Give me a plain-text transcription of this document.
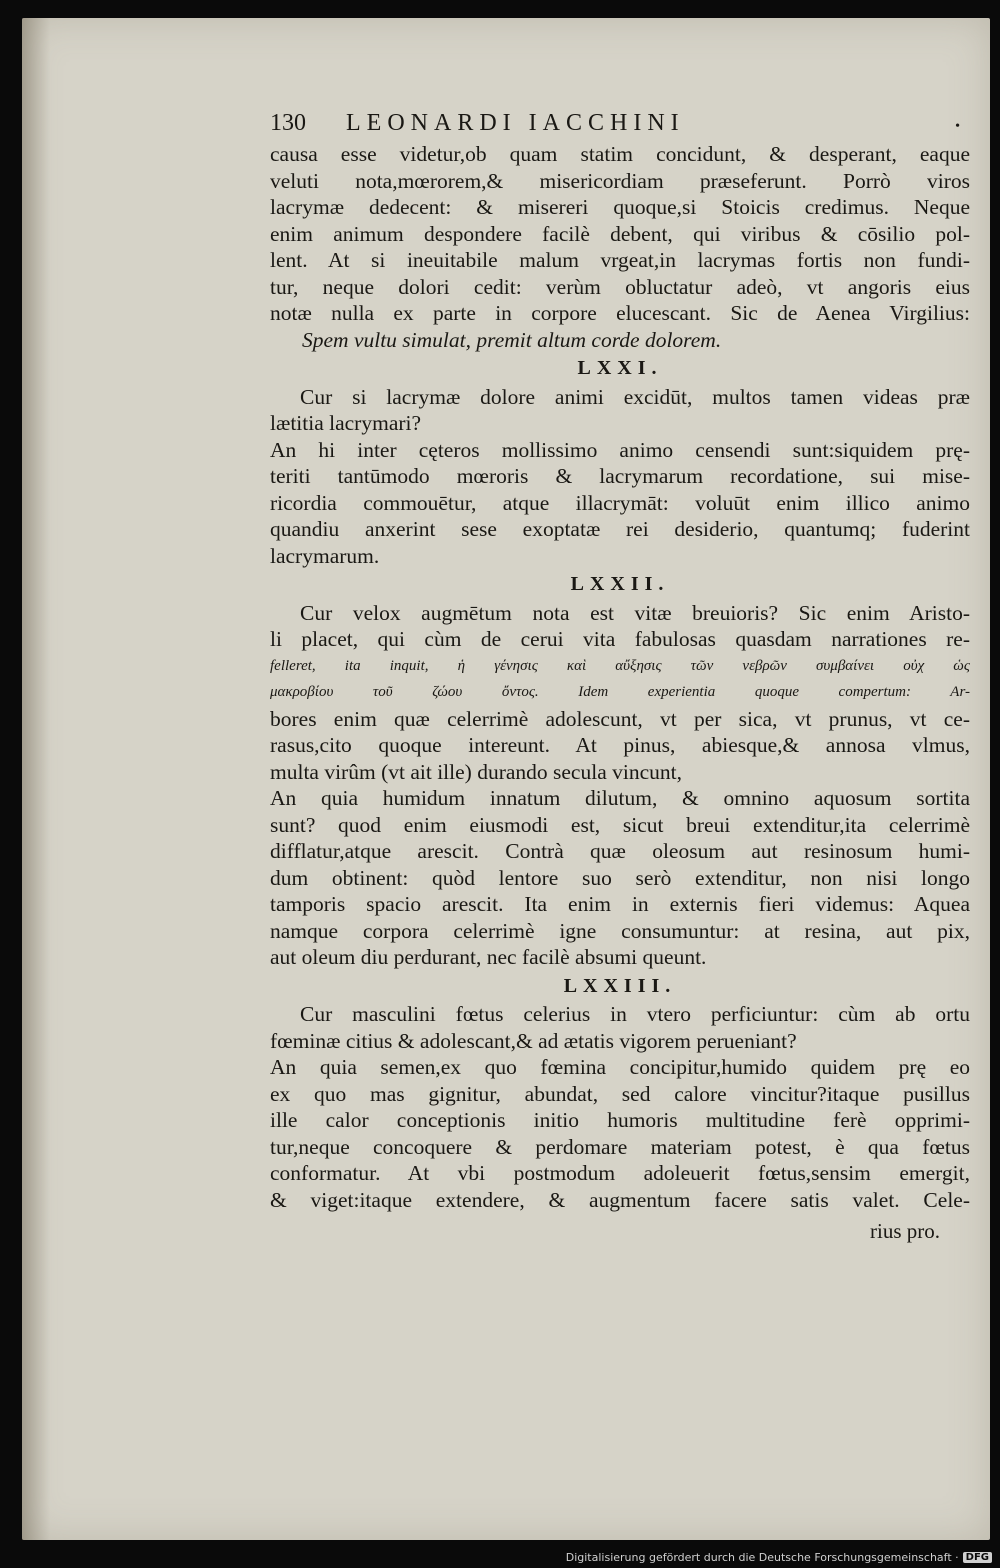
130 LEONARDI IACCHINI	•
causa esse videtur,ob quam statim concidunt, & desperant, eaque
veluti nota,mœrorem,& misericordiam præseferunt. Porrò viros
lacrymæ dedecent: & misereri quoque,si Stoicis credimus. Neque
enim animum despondere facilè debent, qui viribus & cōsilio pol-
lent. At si ineuitabile malum vrgeat,in lacrymas fortis non fundi-
tur, neque dolori cedit: verùm obluctatur adeò, vt angoris eius
notæ nulla ex parte in corpore elucescant. Sic de Aenea Virgilius:
Spem vultu simulat, premit altum corde dolorem.
LXXI.
Cur si lacrymæ dolore animi excidūt, multos tamen videas præ
lætitia lacrymari?
An hi inter cęteros mollissimo animo censendi sunt:siquidem prę-
teriti tantūmodo mœroris & lacrymarum recordatione, sui mise-
ricordia commouētur, atque illacrymāt: voluūt enim illico animo
quandiu anxerint sese exoptatæ rei desiderio, quantumq; fuderint
lacrymarum.
LXXII.
Cur velox augmētum nota est vitæ breuioris? Sic enim Aristo-
li placet, qui cùm de cerui vita fabulosas quasdam narrationes re-
felleret, ita inquit, ἡ γένησις καὶ αὔξησις τῶν νεβρῶν συμβαίνει οὐχ ὡς
μακροβίου τοῦ ζώου ὄντος. Idem experientia quoque compertum: Ar-
bores enim quæ celerrimè adolescunt, vt per sica, vt prunus, vt ce-
rasus,cito quoque intereunt. At pinus, abiesque,& annosa vlmus,
multa virûm (vt ait ille) durando secula vincunt,
An quia humidum innatum dilutum, & omnino aquosum sortita
sunt? quod enim eiusmodi est, sicut breui extenditur,ita celerrimè
difflatur,atque arescit. Contrà quæ oleosum aut resinosum humi-
dum obtinent: quòd lentore suo serò extenditur, non nisi longo
tamporis spacio arescit. Ita enim in externis fieri videmus: Aquea
namque corpora celerrimè igne consumuntur: at resina, aut pix,
aut oleum diu perdurant, nec facilè absumi queunt.
LXXIII.
Cur masculini fœtus celerius in vtero perficiuntur: cùm ab ortu
fœminæ citius & adolescant,& ad ætatis vigorem perueniant?
An quia semen,ex quo fœmina concipitur,humido quidem prę eo
ex quo mas gignitur, abundat, sed calore vincitur?itaque pusillus
ille calor conceptionis initio humoris multitudine ferè opprimi-
tur,neque concoquere & perdomare materiam potest, è qua fœtus
conformatur. At vbi postmodum adoleuerit fœtus,sensim emergit,
& viget:itaque extendere, & augmentum facere satis valet. Cele-
rius pro.
Digitalisierung gefördert durch die Deutsche Forschungsgemeinschaft · DFG
